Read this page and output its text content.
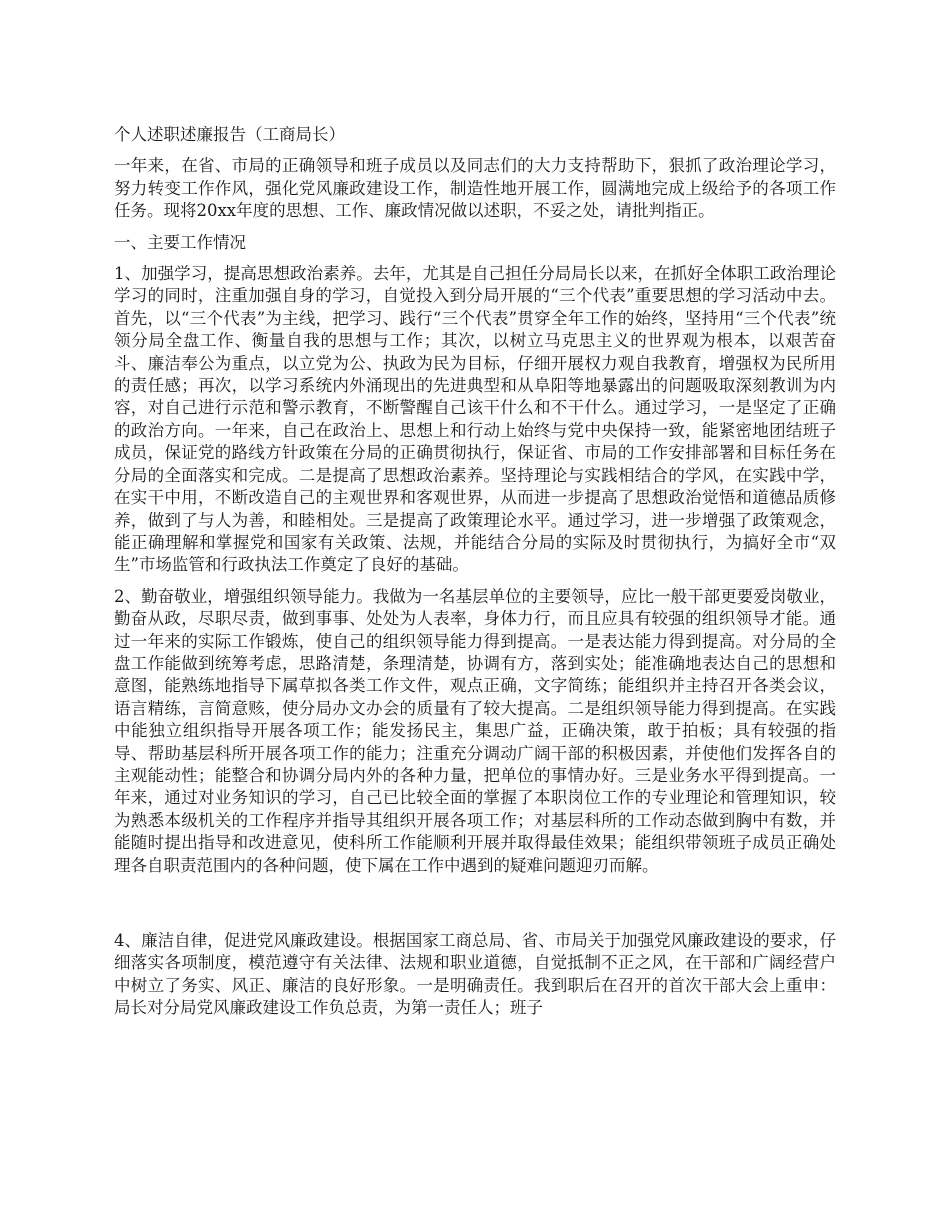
个人述职述廉报告（工商局长）

一年来，在省、市局的正确领导和班子成员以及同志们的大力支持帮助下，狠抓了政治理论学习，努力转变工作作风，强化党风廉政建设工作，制造性地开展工作，圆满地完成上级给予的各项工作任务。现将20xx年度的思想、工作、廉政情况做以述职，不妥之处，请批判指正。

一、主要工作情况

1、加强学习，提高思想政治素养。去年，尤其是自己担任分局局长以来，在抓好全体职工政治理论学习的同时，注重加强自身的学习，自觉投入到分局开展的“三个代表”重要思想的学习活动中去。首先，以“三个代表”为主线，把学习、践行“三个代表”贯穿全年工作的始终，坚持用“三个代表”统领分局全盘工作、衡量自我的思想与工作；其次，以树立马克思主义的世界观为根本，以艰苦奋斗、廉洁奉公为重点，以立党为公、执政为民为目标，仔细开展权力观自我教育，增强权为民所用的责任感；再次，以学习系统内外涌现出的先进典型和从阜阳等地暴露出的问题吸取深刻教训为内容，对自己进行示范和警示教育，不断警醒自己该干什么和不干什么。通过学习，一是坚定了正确的政治方向。一年来，自己在政治上、思想上和行动上始终与党中央保持一致，能紧密地团结班子成员，保证党的路线方针政策在分局的正确贯彻执行，保证省、市局的工作安排部署和目标任务在分局的全面落实和完成。二是提高了思想政治素养。坚持理论与实践相结合的学风，在实践中学，在实干中用，不断改造自己的主观世界和客观世界，从而进一步提高了思想政治觉悟和道德品质修养，做到了与人为善，和睦相处。三是提高了政策理论水平。通过学习，进一步增强了政策观念，能正确理解和掌握党和国家有关政策、法规，并能结合分局的实际及时贯彻执行，为搞好全市“双生”市场监管和行政执法工作奠定了良好的基础。

2、勤奋敬业，增强组织领导能力。我做为一名基层单位的主要领导，应比一般干部更要爱岗敬业，勤奋从政，尽职尽责，做到事事、处处为人表率，身体力行，而且应具有较强的组织领导才能。通过一年来的实际工作锻炼，使自己的组织领导能力得到提高。一是表达能力得到提高。对分局的全盘工作能做到统筹考虑，思路清楚，条理清楚，协调有方，落到实处；能准确地表达自己的思想和意图，能熟练地指导下属草拟各类工作文件，观点正确，文字简练；能组织并主持召开各类会议，语言精练，言简意赅，使分局办文办会的质量有了较大提高。二是组织领导能力得到提高。在实践中能独立组织指导开展各项工作；能发扬民主，集思广益，正确决策，敢于拍板；具有较强的指导、帮助基层科所开展各项工作的能力；注重充分调动广阔干部的积极因素，并使他们发挥各自的主观能动性；能整合和协调分局内外的各种力量，把单位的事情办好。三是业务水平得到提高。一年来，通过对业务知识的学习，自己已比较全面的掌握了本职岗位工作的专业理论和管理知识，较为熟悉本级机关的工作程序并指导其组织开展各项工作；对基层科所的工作动态做到胸中有数，并能随时提出指导和改进意见，使科所工作能顺利开展并取得最佳效果；能组织带领班子成员正确处理各自职责范围内的各种问题，使下属在工作中遇到的疑难问题迎刃而解。

4、廉洁自律，促进党风廉政建设。根据国家工商总局、省、市局关于加强党风廉政建设的要求，仔细落实各项制度，模范遵守有关法律、法规和职业道德，自觉抵制不正之风，在干部和广阔经营户中树立了务实、风正、廉洁的良好形象。一是明确责任。我到职后在召开的首次干部大会上重申：局长对分局党风廉政建设工作负总责，为第一责任人；班子
